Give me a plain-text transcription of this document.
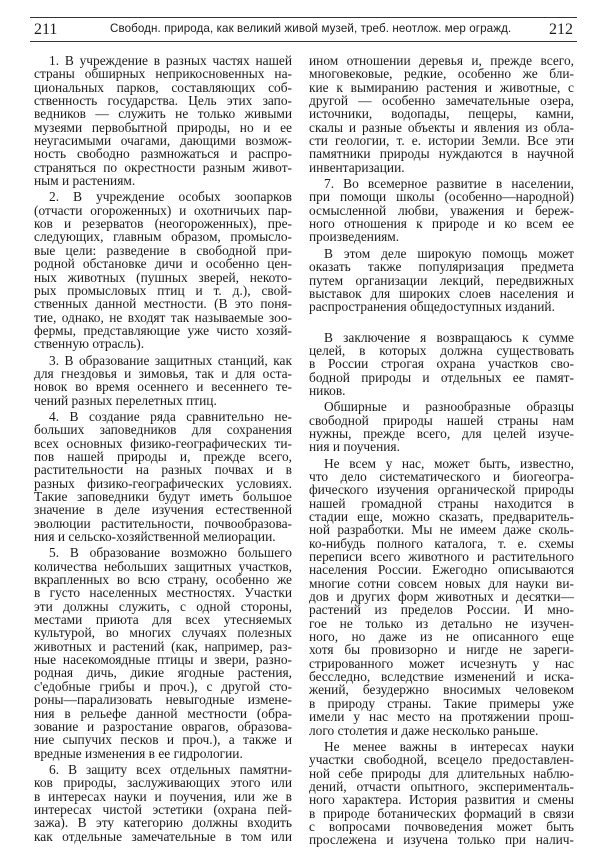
211	Свободн. природа, как великий живой музей, треб. неотлож. мер огражд. 212
1. В учреждение в разных частях нашей
страны обширных неприкосновенных на-
циональных парков, составляющих соб-
ственность государства. Цель этих запо-
ведников — служить не только живыми
музеями первобытной природы, но и ее
неугасимыми очагами, дающими возмож-
ность свободно размножаться и распро-
страняться по окрестности разным живот-
ным и растениям.
2. В учреждение особых зоопарков
(отчасти огороженных) и охотничьих пар-
ков и резерватов (неогороженных), пре-
следующих, главным образом, промысло-
вые цели: разведение в свободной при-
родной обстановке дичи и особенно цен-
ных животных (пушных зверей, некото-
рых промысловых птиц и т. д.), свой-
ственных данной местности. (В это поня-
тие, однако, не входят так называемые зоо-
фермы, представляющие уже чисто хозяй-
ственную отрасль).
3. В образование защитных станций, как
для гнездовья и зимовья, так и для оста-
новок во время осеннего и весеннего те-
чений разных перелетных птиц.
4. В создание ряда сравнительно не-
больших заповедников для сохранения
всех основных физико-географических ти-
пов нашей природы и, прежде всего,
растительности на разных почвах и в
разных физико-географических условиях.
Такие заповедники будут иметь большое
значение в деле изучения естественной
эволюции растительности, почвообразова-
ния и сельско-хозяйственной мелиорации.
5. В образование возможно большего
количества небольших защитных участков,
вкрапленных во всю страну, особенно же
в густо населенных местностях. Участки
эти должны служить, с одной стороны,
местами приюта для всех утесняемых
культурой, во многих случаях полезных
животных и растений (как, например, раз-
ные насекомоядные птицы и звери, разно-
родная дичь, дикие ягодные растения,
с'едобные грибы и проч.), с другой сто-
роны—парализовать невыгодные измене-
ния в рельефе данной местности (обра-
зование и разростание оврагов, образова-
ние сыпучих песков и проч.), а также и
вредные изменения в ее гидрологии.
6. В защиту всех отдельных памятни-
ков природы, заслуживающих этого или
в интересах науки и поучения, или же в
интересах чистой эстетики (охрана пей-
зажа). В эту категорию должны входить
как отдельные замечательные в том или
ином отношении деревья и, прежде всего,
многовековые, редкие, особенно же бли-
кие к вымиранию растения и животные, с
другой — особенно замечательные озера,
источники, водопады, пещеры, камни,
скалы и разные объекты и явления из обла-
сти геологии, т. е. истории Земли. Все эти
памятники природы нуждаются в научной
инвентаризации.
7. Во всемерное развитие в населении,
при помощи школы (особенно—народной)
осмысленной любви, уважения и береж-
ного отношения к природе и ко всем ее
произведениям.
В этом деле широкую помощь может
оказать также популяризация предмета
путем организации лекций, передвижных
выставок для широких слоев населения и
распространения общедоступных изданий.
В заключение я возвращаюсь к сумме
целей, в которых должна существовать
в России строгая охрана участков сво-
бодной природы и отдельных ее памят-
ников.
Обширные и разнообразные образцы
свободной природы нашей страны нам
нужны, прежде всего, для целей изуче-
ния и поучения.
Не всем у нас, может быть, известно,
что дело систематического и биогеогра-
фического изучения органической природы
нашей громадной страны находится в
стадии еще, можно сказать, предваритель-
ной разработки. Мы не имеем даже сколь-
ко-нибудь полного каталога, т. е. схемы
переписи всего животного и растительного
населения России. Ежегодно описываются
многие сотни совсем новых для науки ви-
дов и других форм животных и десятки—
растений из пределов России. И мно-
гое не только из детально не изучен-
ного, но даже из не описанного еще
хотя бы провизорно и нигде не зареги-
стрированного может исчезнуть у нас
бесследно, вследствие изменений и иска-
жений, безудержно вносимых человеком
в природу страны. Такие примеры уже
имели у нас место на протяжении прош-
лого столетия и даже несколько раньше.
Не менее важны в интересах науки
участки свободной, всецело предоставлен-
ной себе природы для длительных наблю-
дений, отчасти опытного, эксперименталь-
ного характера. История развития и смены
в природе ботанических формаций в связи
с вопросами почвоведения может быть
прослежена и изучена только при налич-
